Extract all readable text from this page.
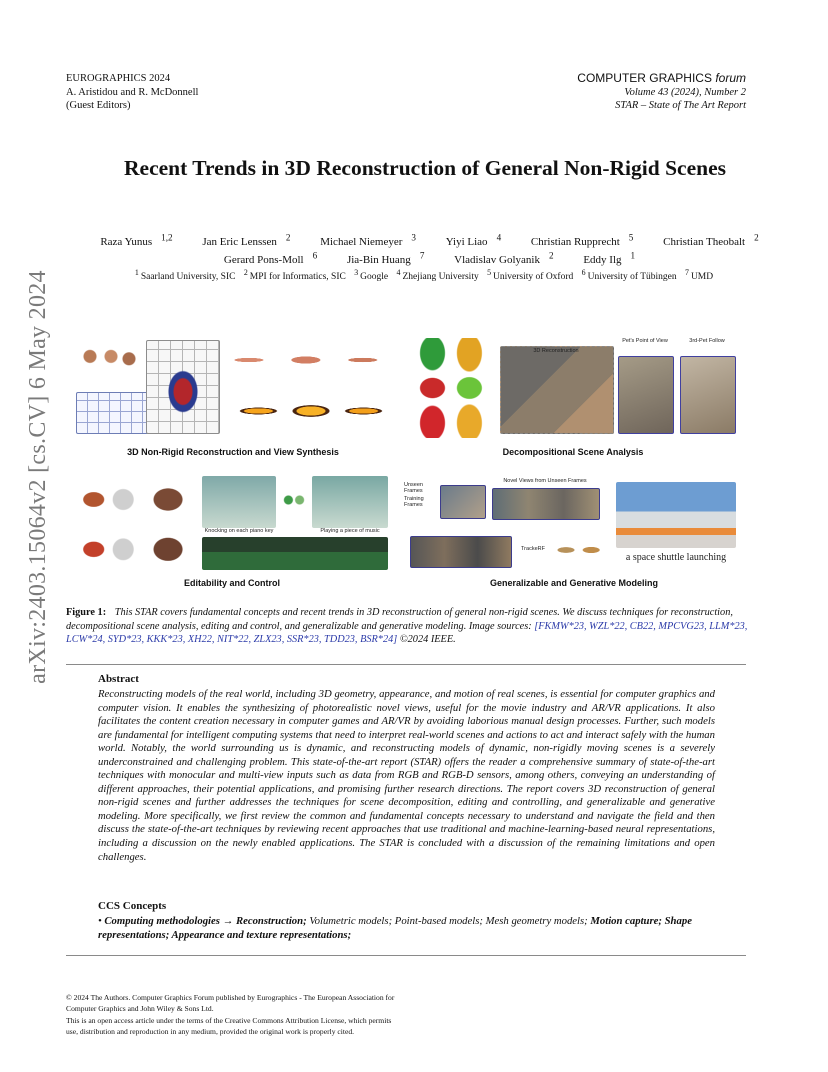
arXiv:2403.15064v2 [cs.CV] 6 May 2024
EUROGRAPHICS 2024
A. Aristidou and R. McDonnell
(Guest Editors)
COMPUTER GRAPHICS forum
Volume 43 (2024), Number 2
STAR – State of The Art Report
Recent Trends in 3D Reconstruction of General Non-Rigid Scenes
Raza Yunus $^{1,2}$	Jan Eric Lenssen $^2$	Michael Niemeyer $^3$	Yiyi Liao $^4$	Christian Rupprecht $^5$	Christian Theobalt $^2$
Gerard Pons-Moll $^6$	Jia-Bin Huang $^7$	Vladislav Golyanik $^2$	Eddy Ilg $^1$
$^1$ Saarland University, SIC $^2$ MPI for Informatics, SIC $^3$ Google $^4$ Zhejiang University $^5$ University of Oxford $^6$ University of Tübingen $^7$ UMD
3D Non-Rigid Reconstruction and View Synthesis
3D Reconstruction
Pet's Point of View	3rd-Pet Follow
Decompositional Scene Analysis
Knocking on each piano key	Playing a piece of music
Editability and Control
Unseen Frames
Training Frames
Novel Views from Unseen Frames
TrackeRF
a space shuttle launching
Generalizable and Generative Modeling
Figure 1: This STAR covers fundamental concepts and recent trends in 3D reconstruction of general non-rigid scenes. We discuss techniques for reconstruction, decompositional scene analysis, editing and control, and generalizable and generative modeling. Image sources: [FKMW*23, WZL*22, CB22, MPCVG23, LLM*23, LCW*24, SYD*23, KKK*23, XH22, NIT*22, ZLX23, SSR*23, TDD23, BSR*24] ©2024 IEEE.
Abstract
Reconstructing models of the real world, including 3D geometry, appearance, and motion of real scenes, is essential for computer graphics and computer vision. It enables the synthesizing of photorealistic novel views, useful for the movie industry and AR/VR applications. It also facilitates the content creation necessary in computer games and AR/VR by avoiding laborious manual design processes. Further, such models are fundamental for intelligent computing systems that need to interpret real-world scenes and actions to act and interact safely with the human world. Notably, the world surrounding us is dynamic, and reconstructing models of dynamic, non-rigidly moving scenes is a severely underconstrained and challenging problem. This state-of-the-art report (STAR) offers the reader a comprehensive summary of state-of-the-art techniques with monocular and multi-view inputs such as data from RGB and RGB-D sensors, among others, conveying an understanding of different approaches, their potential applications, and promising further research directions. The report covers 3D reconstruction of general non-rigid scenes and further addresses the techniques for scene decomposition, editing and controlling, and generalizable and generative modeling. More specifically, we first review the common and fundamental concepts necessary to understand and navigate the field and then discuss the state-of-the-art techniques by reviewing recent approaches that use traditional and machine-learning-based neural representations, including a discussion on the newly enabled applications. The STAR is concluded with a discussion of the remaining limitations and open challenges.
CCS Concepts
• Computing methodologies → Reconstruction; Volumetric models; Point-based models; Mesh geometry models; Motion capture; Shape representations; Appearance and texture representations;
© 2024 The Authors. Computer Graphics Forum published by Eurographics - The European Association for Computer Graphics and John Wiley & Sons Ltd.
This is an open access article under the terms of the Creative Commons Attribution License, which permits use, distribution and reproduction in any medium, provided the original work is properly cited.
